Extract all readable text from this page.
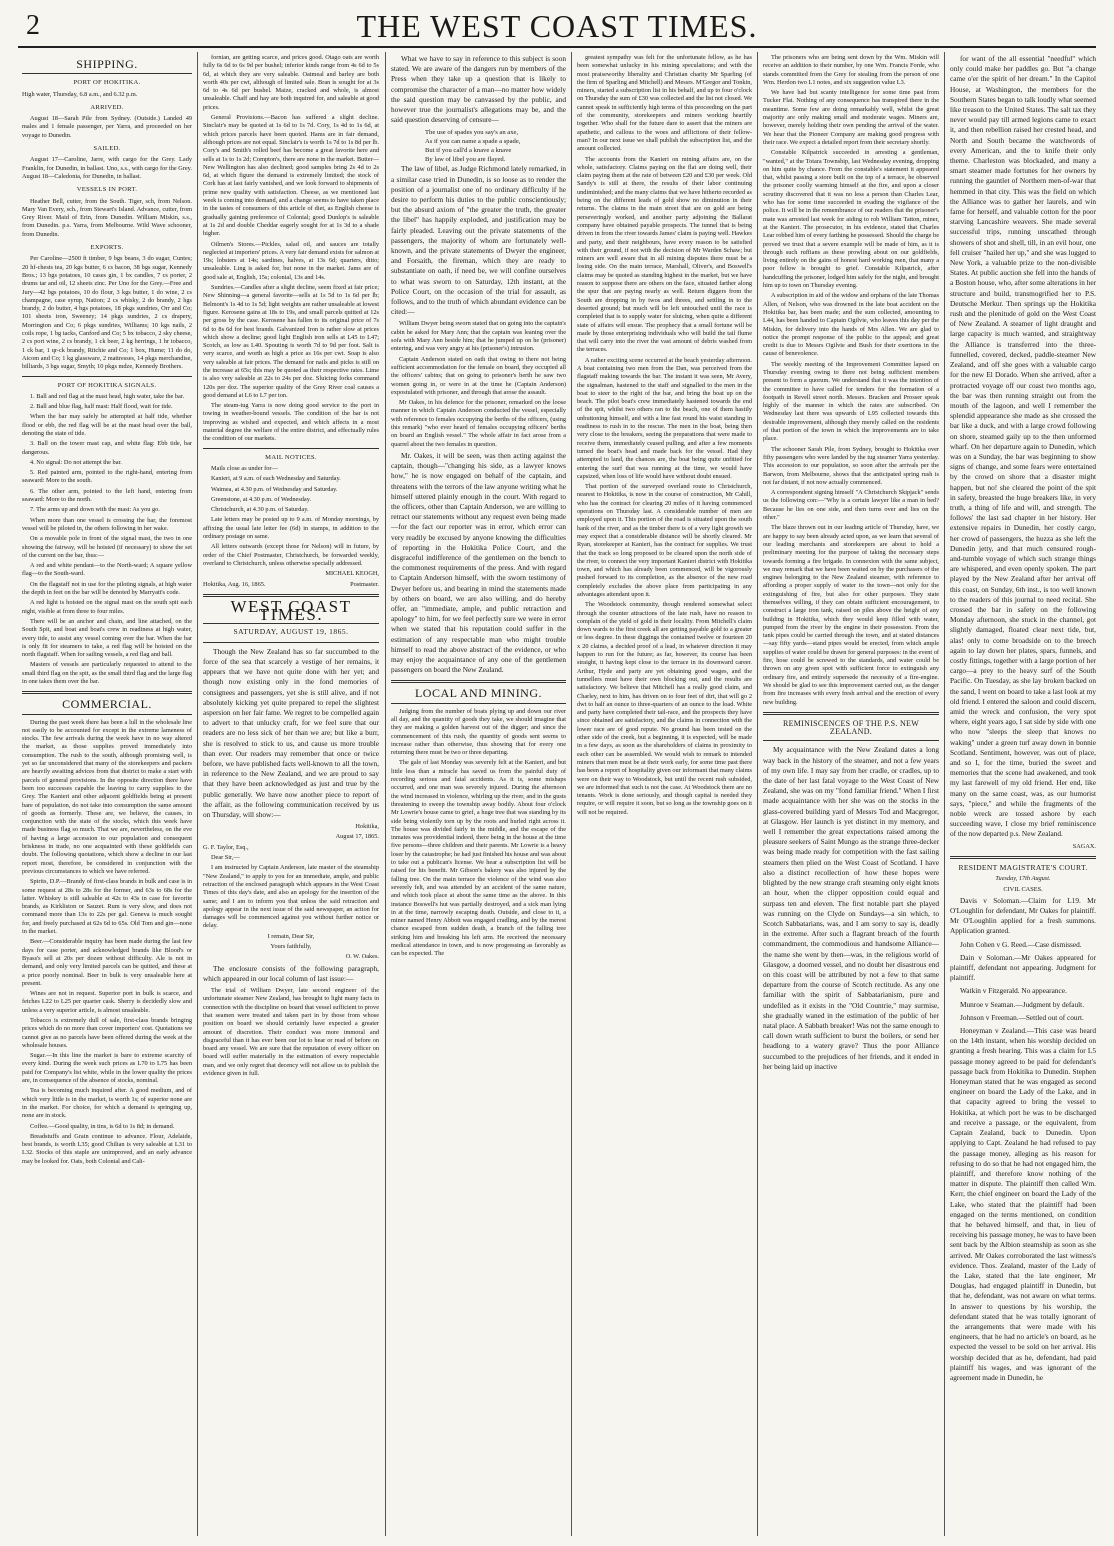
2	THE WEST COAST TIMES.
SHIPPING.
PORT OF HOKITIKA.

High water, Thursday, 6.8 a.m., and 6.32 p.m.

ARRIVED.

August 18—Sarah Pile from Sydney. (Outside.) Landed 49 males and 1 female passenger, per Yarra, and proceeded on her voyage to Dunedin.

SAILED.

August 17—Caroline, Jarre, with cargo for the Grey. Lady Franklin, for Dunedin, in ballast. Uno, s.s., with cargo for the Grey. August 18—Caledonia, for Dunedin, in ballast.

VESSELS IN PORT.

Heather Bell, cutter, from the South. Tiger, sch, from Nelson. Mary Van Every, sch., from Stewart's Island. Advance, cutter, from Grey River. Maid of Erin, from Dunedin. William Miskin, s.s., from Dunedin. p.s. Yarra, from Melbourne. Wild Wave schooner, from Dunedin.

EXPORTS.

Per Caroline—2500 ft timber, 9 bgs beans, 3 do sugar, Cuntes; 20 hf-chests tea, 20 kgs butter, 6 cs bacon, 38 bgs sugar, Kennedy Bros.; 13 bgs potatoes, 10 cases gin, 1 bx candles, 7 cs porter, 2 drums tar and oil, 12 sheets zinc. Per Uno for the Grey.—Free and Jury—42 bgs potatoes, 10 do flour, 3 kgs butter, 1 do wine, 2 cs champagne, case syrup, Nation; 2 cs whisky, 2 do brandy, 2 hgs brandy, 2 do butter, 4 bgs potatoes, 18 pkgs sundries, Orr and Co; 101 sheets iron, Sweeney; 14 pkgs sundries, 2 cs drapery, Morrington and Co; 6 pkgs sundries, Williams; 10 kgs nails, 2 coils rope, 1 bg tacks, Canford and Co; 5 bx tobacco, 2 sky cheese, 2 cs port wine, 2 cs brandy, 1 ck beer, 2 kg herrings, 1 hr tobacco, 1 ck bar, 1 qr-ck brandy, Ritchie and Co; 1 box, Hume; 11 do do, Aicom and Co; 1 kg glassware, 2 mattresses, 14 pkgs merchandise, billiards, 3 bgs sugar, Smyth; 10 pkgs mdze, Kennedy Brothers.

PORT OF HOKITIKA SIGNALS.

1. Ball and red flag at the mast head, high water, take the bar.

2. Ball and blue flag, half mast: Half flood, wait for tide.

When the bar may safely be attempted at half tide, whether flood or ebb, the red flag will be at the mast head over the ball, denoting the state of tide.

3. Ball on the tower mast cap, and white flag: Ebb tide, bar dangerous.

4. No signal: Do not attempt the bar.

5. Red painted arm, pointed to the right-hand, entering from seaward: More to the south.

6. The other arm, pointed to the left hand, entering from seaward: More to the north.

7. The arms up and down with the mast: As you go.

When more than one vessel is crossing the bar, the foremost vessel will be piloted in, the others following in her wake.

On a movable pole in front of the signal mast, the two in one showing the fairway, will be hoisted (if necessary) to show the set of the current on the bar, thus:—

A red and white pendant—to the North-ward; A square yellow flag—to the South-ward.

On the flagstaff not in use for the piloting signals, at high water the depth in feet on the bar will be denoted by Marryatt's code.

A red light is hoisted on the signal mast on the south spit each night, visible at from three to four miles.

There will be an anchor and chain, and line attached, on the South Spit, and boat and boat's crew in readiness at high water, every tide, to assist any vessel coming over the bar. When the bar is only fit for steamers to take, a red flag will be hoisted on the north flagstaff. When for sailing vessels, a red flag and ball.

Masters of vessels are particularly requested to attend to the small third flag on the spit, as the small third flag and the large flag in one takes them over the bar.

COMMERCIAL.

During the past week there has been a lull in the wholesale line not easily to be accounted for except in the extreme lameness of stocks. The few arrivals during the week have in no way altered the market, as those supplies proved immediately into consumption. The rush to the south, although promising well, is yet so far unconsidered that many of the storekeepers and packers are heavily awaiting advices from that district to make a start with parcels of general provisions. In the opposite direction there have been too successes capable the leaving to carry supplies to the Grey. The Kanieri and other adjacent goldfields being at present bare of population, do not take into consumption the same amount of goods as formerly. These are, we believe, the causes, in conjunction with the state of the stocks, which this week have made business flag so much. That we are, nevertheless, on the eve of having a large accession to our population and consequent briskness in trade, no one acquainted with these goldfields can doubt. The following quotations, which show a decline in our last report most, therefore, be considered in conjunction with the previous circumstances to which we have referred.

Spirits, D.P.—Brandy of first-class brands in bulk and case is in some request at 28s to 28s for the former, and 63s to 68s for the latter. Whiskey is still saleable at 42s to 43s in case for favorite brands, as Kirkliston or Sauzet. Rum is very slow, and does not command more than 13s to 22s per gal. Geneva is much sought for, and freely purchased at 62s 6d to 65s. Old Tom and gin—none in the market.

Beer.—Considerable inquiry has been made during the last few days for case porter, and acknowledged brands like Blood's or Byass's sell at 20s per dozen without difficulty. Ale is not in demand, and only very limited parcels can be quitted, and these at a price poorly nominal. Beer in bulk is very unsaleable here at present.

Wines are not in request. Superior port in bulk is scarce, and fetches L22 to L25 per quarter cask. Sherry is decidedly slow and unless a very superior article, is almost unsaleable.

Tobacco is extremely dull of sale, first-class brands bringing prices which do no more than cover importers' cost. Quotations we cannot give as no parcels have been offered during the week at the wholesale houses.

Sugar.—In this line the market is bare to extreme scarcity of every kind. During the week such prices as L70 to L75 has been paid for Company's list white, while in the lower quality the prices are, in consequence of the absence of stocks, nominal.

Tea is becoming much inquired after. A good medium, and of which very little is in the market, is worth 1s; of superior none are in the market. For choice, for which a demand is springing up, none are in stock.

Coffee.—Good quality, in tins, is 6d to 1s 8d; in demand.

Breadstuffs and Grain continue to advance. Flour, Adelaide, best brands, is worth L35; good Chilian is very saleable at L31 to L32. Stocks of this staple are unimproved, and an early advance may be looked for. Oats, both Colonial and Cali-

fornian, are getting scarce, and prices good. Otago oats are worth fully 6s 6d to 6s 9d per bushel; inferior kinds range from 4s 6d to 5s 6d, at which they are very saleable. Oatmeal and barley are both worth 40s per cwt, although of limited sale. Bran is sought for at 3s 6d to 4s 6d per bushel. Maize, cracked and whole, is almost unsaleable. Chaff and hay are both inquired for, and saleable at good prices.

General Provisions.—Bacon has suffered a slight decline. Sinclair's may be quoted at 1s 6d to 1s 7d. Cory, 1s 4d to 1s 6d, at which prices parcels have been quoted. Hams are in fair demand, although prices are not equal. Sinclair's is worth 1s 7d to 1s 8d per lb. Cory's and Smith's rolled beef has become a great favorite here and sells at 1s to 1s 2d; Compton's, there are none in the market. Butter—New Wellington has also declined; good samples bring 2s 4d to 2s 6d, at which figure the demand is extremely limited; the stock of Cork has at last fairly vanished, and we look forward to shipments of prime new quality with satisfaction. Cheese, as we mentioned last week is coming into demand, and a change seems to have taken place in the tastes of consumers of this article of diet, as English cheese is gradually gaining preference of Colonial; good Dunlop's is saleable at 1s 2d and double Cheddar eagerly sought for at 1s 3d to a shade higher.

Oilmen's Stores.—Pickles, salad oil, and sauces are totally neglected at importers' prices. A very fair demand exists for salmon at 19s; lobsters at 14s; sardines, halves, at 13s 6d; quarters, ditto; unsaleable. Ling is asked for, but none in the market. Jams are of good sale at, English, 15s; colonial, 13s and 14s.

Sundries.—Candles after a slight decline, seem fixed at fair price; New Shinning—a general favorite—sells at 1s 5d to 1s 6d per lb; Belmont's 1s 4d to 1s 5d; light weights are rather unsaleable at lowest figure. Kerosene gains at 18s to 19s, and small parcels quitted at 12s per gross by the case. Kerosene has fallen to its original price of 7s 6d to 8s 6d for best brands. Galvanized Iron is rather slow at prices which show a decline; good light English iron sells at L45 to L47; Scotch, as low as L40. Spouting is worth 7d to 9d per foot. Salt is very scarce, and worth as high a price as 16s per cwt. Soap is also very saleable at fair prices. The demand for nails and picks is still on the increase at 65s; this may be quoted as their respective rates. Lime is also very saleable at 22s to 24s per doz. Sluicing forks command 120s per doz. The superior quality of the Grey River coal causes a good demand at L6 to L7 per ton.

The steam-tug Yarra is now doing good service to the port in towing in weather-bound vessels. The condition of the bar is not improving as wished and expected, and which affects in a most material degree the welfare of the entire district, and effectually rules the condition of our markets.

MAIL NOTICES.

Mails close as under for—

Kanieri, at 9 a.m. of each Wednesday and Saturday.

Waimea, at 4.30 p.m. of Wednesday and Saturday.

Greenstone, at 4.30 p.m. of Wednesday.

Christchurch, at 4.30 p.m. of Saturday.

Late letters may be posted up to 9 a.m. of Monday mornings, by affixing the usual late letter fee (6d) in stamps, in addition to the ordinary postage on same.

All letters outwards (except those for Nelson) will in future, by order of the Chief Postmaster, Christchurch, be forwarded weekly, overland to Christchurch, unless otherwise specially addressed.

MICHAEL KEOGH,

Hokitika, Aug. 16, 1865.	Postmaster.

WEST COAST TIMES.
SATURDAY, AUGUST 19, 1865.

Though the New Zealand has so far succumbed to the force of the sea that scarcely a vestige of her remains, it appears that we have not quite done with her yet; and though now existing only in the fond memories of consignees and passengers, yet she is still alive, and if not absolutely kicking yet quite prepared to repel the slightest aspersion on her fair fame. We regret to be compelled again to advert to that unlucky craft, for we feel sure that our readers are no less sick of her than we are; but like a burr, she is resolved to stick to us, and cause us more trouble than ever. Our readers may remember that once or twice before, we have published facts well-known to all the town, in reference to the New Zealand, and we are proud to say that they have been acknowledged as just and true by the public generally. We have now another piece to report of the affair, as the following communication received by us on Thursday, will show:—

Hokitika,

August 17, 1865.

G. F. Taylor, Esq.,

Dear Sir,—

I am instructed by Captain Anderson, late master of the steamship "New Zealand," to apply to you for an immediate, ample, and public retraction of the enclosed paragraph which appears in the West Coast Times of this day's date, and also an apology for the insertion of the same; and I am to inform you that unless the said retraction and apology appear in the next issue of the said newspaper, an action for damages will be commenced against you without further notice or delay.

I remain, Dear Sir,

Yours faithfully,

O. W. Oakes.

The enclosure consists of the following paragraph, which appeared in our local column of last issue:—

The trial of William Dwyer, late second engineer of the unfortunate steamer New Zealand, has brought to light many facts in connection with the discipline on board that vessel sufficient to prove that seamen were treated and taken part in by those from whose position on board we should certainly have expected a greater amount of discretion. Their conduct was more immoral and disgraceful than it has ever been our lot to hear or read of before on board any vessel. We are sure that the reputation of every officer on board will suffer materially in the estimation of every respectable man, and we only regret that decency will not allow us to publish the evidence given in full.

What we have to say in reference to this subject is soon stated. We are aware of the dangers run by members of the Press when they take up a question that is likely to compromise the character of a man—no matter how widely the said question may be canvassed by the public, and however true the journalist's allegations may be, and the said question deserving of censure—

The use of spades you say's an axe,
As if you can name a spade a spade,
But if you call'd a knave a knave
By law of libel you are flayed.

The law of libel, as Judge Richmond lately remarked, in a similar case tried in Dunedin, is so loose as to render the position of a journalist one of no ordinary difficulty if he desire to perform his duties to the public conscientiously; but the absurd axiom of "the greater the truth, the greater the libel" has happily exploded, and justification may be fairly pleaded. Leaving out the private statements of the passengers, the majority of whom are fortunately well-known, and the private statements of Dwyer the engineer, and Forsaith, the fireman, which they are ready to substantiate on oath, if need be, we will confine ourselves to what was sworn to on Saturday, 12th instant, at the Police Court, on the occasion of the trial for assault, as follows, and to the truth of which abundant evidence can be cited:—

William Dwyer being sworn stated that on going into the captain's cabin he asked for Mary Ann; that the captain was leaning over the sofa with Mary Ann beside him; that he jumped up on he (prisoner) entering, and was very angry at his (prisoner's) intrusion.

Captain Anderson stated on oath that owing to there not being sufficient accommodation for the female on board, they occupied all the officers' cabins; that on going to prisoner's berth he saw two women going in, or were in at the time he (Captain Anderson) expostulated with prisoner, and through that arose the assault.

Mr Oakes, in his defence for the prisoner, remarked on the loose manner in which Captain Anderson conducted the vessel, especially with reference to females occupying the berths of the officers, (using this remark) "who ever heard of females occupying officers' berths on board an English vessel." The whole affair in fact arose from a quarrel about the two females in question.

Mr. Oakes, it will be seen, was then acting against the captain, though—"changing his side, as a lawyer knows how," he is now engaged on behalf of the captain, and threatens with the terrors of the law anyone writing what he himself uttered plainly enough in the court. With regard to the officers, other than Captain Anderson, we are willing to retract our statements without any request even being made—for the fact our reporter was in error, which error can very readily be excused by anyone knowing the difficulties of reporting in the Hokitika Police Court, and the disgraceful indifference of the gentlemen on the bench to the commonest requirements of the press. And with regard to Captain Anderson himself, with the sworn testimony of Dwyer before us, and bearing in mind the statements made by others on board, we are also willing, and do hereby offer, an "immediate, ample, and public retraction and apology" to him, for we feel perfectly sure we were in error when we stated that his reputation could suffer in the estimation of any respectable man who might trouble himself to read the above abstract of the evidence, or who may enjoy the acquaintance of any one of the gentlemen passengers on board the New Zealand.

LOCAL AND MINING.

Judging from the number of boats plying up and down our river all day, and the quantity of goods they take, we should imagine that they are making a golden harvest out of the digger; and since the commencement of this rush, the quantity of goods sent seems to increase rather than otherwise, thus showing that for every one returning there must be two or three departing.

The gale of last Monday was severely felt at the Kanieri, and but little less than a miracle has saved us from the painful duty of recording serious and fatal accidents. As it is, some mishaps occurred, and one man was severely injured. During the afternoon the wind increased in violence, whirling up the river, and in the gusts threatening to sweep the township away bodily. About four o'clock Mr Lowrie's house came to grief, a huge tree that was standing by its side being violently torn up by the roots and hurled right across it. The house was divided fairly in the middle, and the escape of the inmates was providential indeed, there being in the house at the time five persons—three children and their parents. Mr Lowrie is a heavy loser by the catastrophe; he had just finished his house and was about to take out a publican's license. We hear a subscription list will be raised for his benefit. Mr Gibson's bakery was also injured by the falling tree. On the main terrace the violence of the wind was also severely felt, and was attended by an accident of the same nature, and which took place at about the same time as the above. In this instance Boswell's hut was partially destroyed, and a sick man lying in at the time, narrowly escaping death. Outside, and close to it, a miner named Henry Abbott was engaged cradling, and by the merest chance escaped from sudden death, a branch of the falling tree striking him and breaking his left arm. He received the necessary medical attendance in town, and is now progressing as favorably as can be expected. The

greatest sympathy was felt for the unfortunate fellow, as he has been somewhat unlucky in his mining speculations; and with the most praiseworthy liberality and Christian charity Mr Sparling (of the firm of Sparling and Mitchell) and Messrs. M'Gregor and Tonkin, miners, started a subscription list in his behalf, and up to four o'clock on Thursday the sum of £30 was collected and the list not closed. We cannot speak in sufficiently high terms of this proceeding on the part of the community, storekeepers and miners working heartily together. Who shall for the future dare to assert that the miners are apathetic, and callous to the woes and afflictions of their fellow-man? In our next issue we shall publish the subscription list, and the amount collected.

The accounts from the Kanieri on mining affairs are, on the whole, satisfactory. Claims paying on the flat are doing well, their claim paying them at the rate of between £20 and £30 per week. Old Sandy's is still at there, the results of their labor continuing undiminished; and the many claims that we have hitherto recorded as being on the different leads of gold show no diminution in their returns. The claims in the main street that are on gold are being perseveringly worked, and another party adjoining the Ballarat company have obtained payable prospects. The tunnel that is being driven in from the river towards James' claim is paying well. Hawkes and party, and their neighbours, have every reason to be satisfied with their ground, if not with the decision of Mr Warden Schaw; but miners are well aware that in all mining disputes there must be a losing side. On the main terrace, Marshall, Oliver's, and Boswell's claims may be quoted as standing highest in the market, but we have reason to suppose there are others on the face, situated farther along the spur that are paying nearly as well. Return diggers from the South are dropping in by twos and threes, and settling in to the deserted ground; but much will be left untouched until the race is completed that is to supply water for sluicing, when quite a different state of affairs will ensue. The prophecy that a small fortune will be made by those enterprising individuals who will build the tail flume that will carry into the river the vast amount of debris washed from the terraces.

A rather exciting scene occurred at the beach yesterday afternoon. A boat containing two men from the Dan, was perceived from the flagstaff making towards the bar. The instant it was seen, Mr Avery, the signalman, hastened to the staff and signalled to the men in the boat to steer to the right of the bar, and bring the boat up on the beach. The pilot boat's crew immediately hastened towards the end of the spit, whilst two others ran to the beach, one of them hastily unbuttoning himself, and with a line fast round his waist standing in readiness to rush in to the rescue. The men in the boat, being then very close to the breakers, seeing the preparations that were made to receive them, immediately ceased pulling, and after a few moments turned the boat's head and made back for the vessel. Had they attempted to land, the chances are, the boat being quite unfitted for entering the surf that was running at the time, we would have capsized, when loss of life would have without doubt ensued.

That portion of the surveyed overland route to Christchurch, nearest to Hokitika, is now in the course of construction, Mr Cahill, who has the contract for clearing 20 miles of it having commenced operations on Thursday last. A considerable number of men are employed upon it. This portion of the road is situated upon the south bank of the river, and as the timber there is of a very light growth we may expect that a considerable distance will be shortly cleared. Mr Ryan, storekeeper at Kanieri, has the contract for supplies. We trust that the track so long proposed to be cleared upon the north side of the river, to connect the very important Kanieri district with Hokitika town, and which has already been commenced, will be vigorously pushed forward to its completion, as the absence of the new road completely excludes the above place from participating in any advantages attendant upon it.

The Woodstock community, though rendered somewhat select through the counter attractions of the late rush, have no reason to complain of the yield of gold in their locality. From Mitchell's claim down wards to the first creek all are getting payable gold to a greater or less degree. In these diggings the contained twelve or fourteen 20 x 20 claims, a decided proof of a lead, in whatever direction it may happen to run for the future; as far, however, its course has been straight, it having kept close to the terrace in its downward career. Arthur, Hyde and party are yet obtaining good wages, and the tunnellers must have their own blocking out, and the results are satisfactory. We believe that Mitchell has a really good claim, and Charley, next to him, has driven on to four feet of dirt, that will go 2 dwt to half an ounce to three-quarters of an ounce to the load. White and party have completed their tail-race, and the prospects they have since obtained are satisfactory, and the claims in connection with the lower race are of good repute. No ground has been tested on the other side of the creek, but a beginning, it is expected, will be made in a few days, as soon as the shareholders of claims in proximity to each other can be assembled. We would wish to remark to intended miners that men must be at their work early, for some time past there has been a report of hospitality given our informant that many claims were on their way to Woodstock, but until the recent rush subsided, we are informed that such is not the case. At Woodstock there are no tenants. Work is done seriously, and though capital is needed they require, or will require it soon, but so long as the township goes on it will not be required.

The prisoners who are being sent down by the Wm. Miskin will receive an addition to their number, by one Wm. Francis Forde, who stands committed from the Grey for stealing from the person of one Wm. Herdon two L1 notes, and six suggestion value L3.

We have had but scanty intelligence for some time past from Tucker Flat. Nothing of any consequence has transpired there in the meantime. Some few are doing remarkably well, whilst the great majority are only making small and moderate wages. Miners are, however, merely holding their own pending the arrival of the water. We hear that the Pioneer Company are making good progress with their race. We expect a detailed report from their secretary shortly.

Constable Kilpatrick succeeded in arresting a gentleman, "wanted," at the Totara Township, last Wednesday evening, dropping on him quite by chance. From the constable's statement it appeared that, whilst passing a store built on the top of a terrace, he observed the prisoner coolly warming himself at the fire, and upon a closer scrutiny discovered that it was no less a person than Charles Lear, who has for some time succeeded in evading the vigilance of the police. It will be in the remembrance of our readers that the prisoner's mate was arrested last week for aiding to rob William Tatton, miner, at the Kanieri. The prosecutor, in his evidence, stated that Charles Lear robbed him of every farthing he possessed. Should the charge be proved we trust that a severe example will be made of him, as it is through such ruffians as these prowling about on our goldfields, living entirely on the gains of honest hard working men, that many a poor fellow is brought to grief. Constable Kilpatrick, after handcuffing the prisoner, lodged him safely for the night, and brought him up to town on Thursday evening.

A subscription in aid of the widow and orphans of the late Thomas Allen, of Nelson, who was drowned in the late boat accident on the Hokitika bar, has been made; and the sum collected, amounting to L44, has been handed to Captain Ogilvie, who leaves this day per the Miskin, for delivery into the hands of Mrs Allen. We are glad to notice the prompt response of the public to the appeal; and great credit is due to Messrs Ogilvie and Bush for their exertions in the cause of benevolence.

The weekly meeting of the Improvement Committee lapsed on Thursday evening owing to there not being sufficient members present to form a quorum. We understand that it was the intention of the committee to have called for tenders for the formation of a footpath in Revell street north. Messrs. Bracken and Prosser speak highly of the manner in which the rates are subscribed. On Wednesday last there was upwards of L95 collected towards this desirable improvement, although they merely called on the residents of that portion of the town in which the improvements are to take place.

The schooner Sarah Pile, from Sydney, brought to Hokitika over fifty passengers who were landed by the tug steamer Yarra yesterday. This accession to our population, so soon after the arrivals per the Barwon, from Melbourne, shows that the anticipated spring rush is not far distant, if not now actually commenced.

A correspondent signing himself "A Christchurch Skipjack" sends us the following con:—"Why is a certain lawyer like a man in bed? Because he lies on one side, and then turns over and lies on the other."

The blaze thrown out in our leading article of Thursday, have, we are happy to say been already acted upon, as we learn that several of our leading merchants and storekeepers are about to hold a preliminary meeting for the purpose of taking the necessary steps towards forming a fire brigade. In connexion with the same subject, we may remark that we have been waited on by the purchasers of the engines belonging to the New Zealand steamer, with reference to affording a proper supply of water to the town—not only for the extinguishing of fire, but also for other purposes. They state themselves willing, if they can obtain sufficient encouragement, to construct a large iron tank, raised on piles above the height of any building in Hokitika, which they would keep filled with water, pumped from the river by the engine in their possession. From the tank pipes could be carried through the town, and at stated distances—say fifty yards—stand pipes would be erected, from which ample supplies of water could be drawn for general purposes: in the event of fire, hose could be screwed to the standards, and water could be thrown on any given spot with sufficient force to extinguish any ordinary fire, and entirely supersede the necessity of a fire-engine. We should be glad to see this improvement carried out, as the danger from fire increases with every fresh arrival and the erection of every new building.

REMINISCENCES OF THE P.S. NEW ZEALAND.

My acquaintance with the New Zealand dates a long way back in the history of the steamer, and not a few years of my own life. I may say from her cradle, or cradles, up to the date of her last fatal voyage to the West Coast of New Zealand, she was on my "fond familiar friend." When I first made acquaintance with her she was on the stocks in the glass-covered building yard of Messrs Tod and Macgregor, at Glasgow. Her launch is yet distinct in my memory, and well I remember the great expectations raised among the pleasure seekers of Saint Mungo as the strange three-decker was being made ready for competition with the fast sailing steamers then plied on the West Coast of Scotland. I have also a distinct recollection of how these hopes were blighted by the new strange craft steaming only eight knots an hour, when the clipper opposition could equal and surpass ten and eleven. The first notable part she played was running on the Clyde on Sundays—a sin which, to Scotch Sabbatarians, was, and I am sorry to say is, deadly in the extreme. After such a flagrant breach of the fourth commandment, the commodious and handsome Alliance—the name she went by then—was, in the religious world of Glasgow, a doomed vessel, and no doubt her disastrous end on this coast will be attributed by not a few to that same departure from the course of Scotch rectitude. As any one familiar with the spirit of Sabbatarianism, pure and undefiled as it exists in the "Old Countrie," may surmise, she gradually waned in the estimation of the public of her natal place. A Sabbath breaker! Was not the same enough to call down wrath sufficient to burst the boilers, or send her headlong to a watery grave? Thus the poor Alliance succumbed to the prejudices of her friends, and it ended in her being laid up inactive

for want of the all essential "needful" which only could make her paddles go. But "a change came o'er the spirit of her dream." In the Capitol House, at Washington, the members for the Southern States began to talk loudly what seemed like treason to the United States. The salt tax they never would pay till armed legions came to exact it, and then rebellion raised her crested head, and North and South became the watchwords of every American, and the to knife their only theme. Charleston was blockaded, and many a smart steamer made fortunes for her owners by running the gauntlet of Northern men-of-war that hemmed in that city. This was the field on which the Alliance was to gather her laurels, and win fame for herself, and valuable cotton for the poor starving Lancashire weavers. She made several successful trips, running unscathed through showers of shot and shell, till, in an evil hour, one fell cruiser "hailed her up," and she was lugged to New York, a valuable prize to the non-divisible States. At public auction she fell into the hands of a Boston house, who, after some alterations in her structure and build, transmogrified her to P.S. Deutsche Merkur. Then springs up the Hokitika rush and the plenitude of gold on the West Coast of New Zealand. A steamer of light draught and large capacity is much wanted, and straightway the Alliance is transferred into the three-funnelled, covered, decked, paddle-steamer New Zealand, and off she goes with a valuable cargo for the new El Dorado. When she arrived, after a protracted voyage off our coast two months ago, the bar was then running straight out from the mouth of the lagoon, and well I remember the splendid appearance she made as she crossed the bar like a duck, and with a large crowd following on shore, steamed gaily up to the then unformed wharf. On her departure again to Dunedin, which was on a Sunday, the bar was beginning to show signs of change, and some fears were entertained by the crowd on shore that a disaster might happen, but no! she cleared the point of the spit in safety, breasted the huge breakers like, in very truth, a thing of life and will, and strength. The follows' the last sad chapter in her history. Her extensive repairs in Dunedin, her costly cargo, her crowd of passengers, the huzza as she left the Dunedin jetty, and that much censured rough-and-tumble voyage of which such strange things are whispered, and even openly spoken. The part played by the New Zealand after her arrival off this coast, on Sunday, 6th inst., is too well known to the readers of this journal to need recital. She crossed the bar in safety on the following Monday afternoon, she stuck in the channel, got slightly damaged, floated clear next tide, but, alas! only to come broadside on to the breech again to lay down her plates, spars, funnels, and costly fittings, together with a large portion of her cargo—a prey to the heavy surf of the South Pacific. On Tuesday, as she lay broken backed on the sand, I went on board to take a last look at my old friend. I entered the saloon and could discern, amid the wreck and confusion, the very spot where, eight years ago, I sat side by side with one who now "sleeps the sleep that knows no waking" under a green turf away down in bonnie Scotland. Sentiment, however, was out of place, and so I, for the time, buried the sweet and memories that the scene had awakened, and took my last farewell of my old friend. Her end, like many on the same coast, was, as our humorist says, "piece," and while the fragments of the noble wreck are tossed ashore by each succeeding wave, I close my brief reminiscence of the now departed p.s. New Zealand.

SAGAX.

RESIDENT MAGISTRATE'S COURT.

Tuesday, 17th August.

CIVIL CASES.

Davis v Soloman.—Claim for L19. Mr O'Loughlin for defendant, Mr Oakes for plaintiff. Mr O'Loughlin applied for a fresh summons. Application granted.

John Cohen v G. Reed.—Case dismissed.

Dain v Soloman.—Mr Oakes appeared for plaintiff, defendant not appearing. Judgment for plaintiff.

Watkin v Fitzgerald. No appearance.

Munroe v Seaman.—Judgment by default.

Johnson v Freeman.—Settled out of court.

Honeyman v Zealand.—This case was heard on the 14th instant, when his worship decided on granting a fresh hearing. This was a claim for L5 passage money agreed to be paid for defendant's passage back from Hokitika to Dunedin. Stephen Honeyman stated that he was engaged as second engineer on board the Lady of the Lake, and in that capacity agreed to bring the vessel to Hokitika, at which port he was to be discharged and receive a passage, or the equivalent, from Captain Zealand, back to Dunedin. Upon applying to Capt. Zealand he had refused to pay the passage money, alleging as his reason for refusing to do so that he had not engaged him, the plaintiff, and therefore know nothing of the matter in dispute. The plaintiff then called Wm. Kerr, the chief engineer on board the Lady of the Lake, who stated that the plaintiff had been engaged on the terms mentioned, on condition that he behaved himself, and that, in lieu of receiving his passage money, he was to have been sent back by the Albion steamship as soon as she arrived. Mr Oakes corroborated the last witness's evidence. Thos. Zealand, master of the Lady of the Lake, stated that the late engineer, Mr Douglas, had engaged plaintiff in Dunedin, but that he, defendant, was not aware on what terms. In answer to questions by his worship, the defendant stated that he was totally ignorant of the arrangements that were made with his engineers, that he had no article's on board, as he expected the vessel to be sold on her arrival. His worship decided that as he, defendant, had paid plaintiff his wages, and was ignorant of the agreement made in Dunedin, he
